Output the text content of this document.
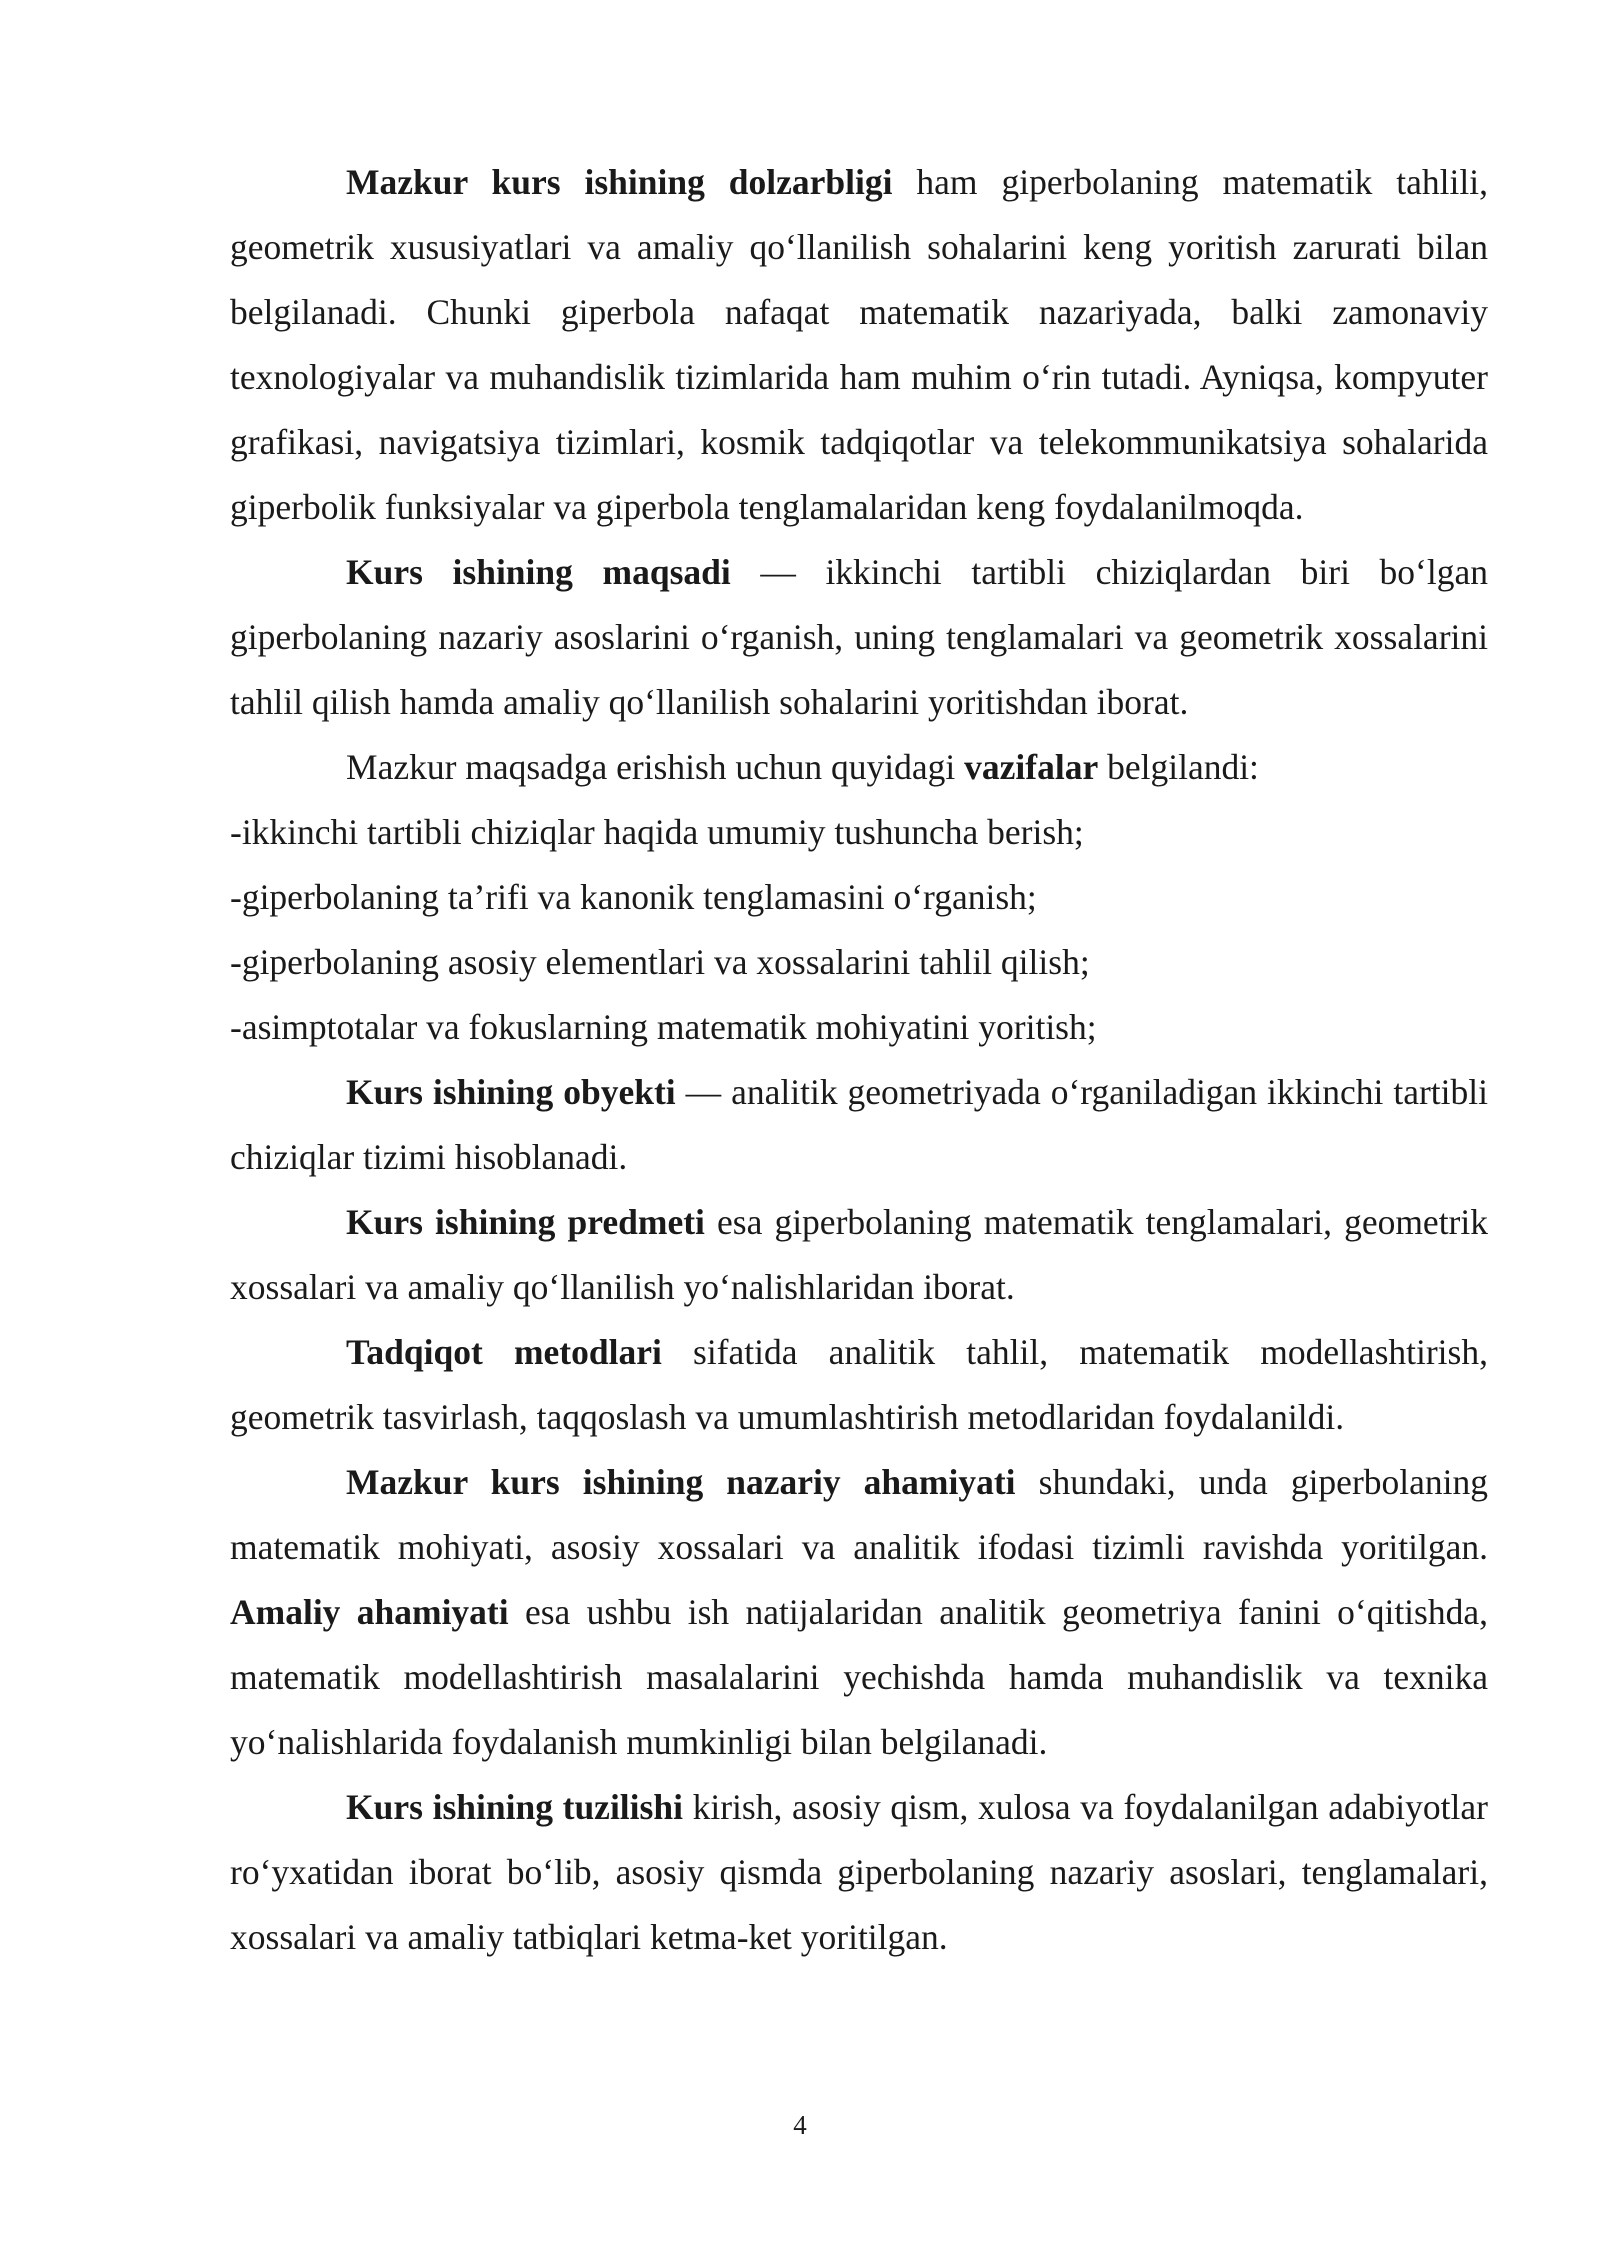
Mazkur kurs ishining dolzarbligi ham giperbolaning matematik tahlili, geometrik xususiyatlari va amaliy qo‘llanilish sohalarini keng yoritish zarurati bilan belgilanadi. Chunki giperbola nafaqat matematik nazariyada, balki zamonaviy texnologiyalar va muhandislik tizimlarida ham muhim o‘rin tutadi. Ayniqsa, kompyuter grafikasi, navigatsiya tizimlari, kosmik tadqiqotlar va telekommunikatsiya sohalarida giperbolik funksiyalar va giperbola tenglamalaridan keng foydalanilmoqda.

Kurs ishining maqsadi — ikkinchi tartibli chiziqlardan biri bo‘lgan giperbolaning nazariy asoslarini o‘rganish, uning tenglamalari va geometrik xossalarini tahlil qilish hamda amaliy qo‘llanilish sohalarini yoritishdan iborat.

Mazkur maqsadga erishish uchun quyidagi vazifalar belgilandi:

-ikkinchi tartibli chiziqlar haqida umumiy tushuncha berish;

-giperbolaning ta’rifi va kanonik tenglamasini o‘rganish;

-giperbolaning asosiy elementlari va xossalarini tahlil qilish;

-asimptotalar va fokuslarning matematik mohiyatini yoritish;

Kurs ishining obyekti — analitik geometriyada o‘rganiladigan ikkinchi tartibli chiziqlar tizimi hisoblanadi.

Kurs ishining predmeti esa giperbolaning matematik tenglamalari, geometrik xossalari va amaliy qo‘llanilish yo‘nalishlaridan iborat.

Tadqiqot metodlari sifatida analitik tahlil, matematik modellashtirish, geometrik tasvirlash, taqqoslash va umumlashtirish metodlaridan foydalanildi.

Mazkur kurs ishining nazariy ahamiyati shundaki, unda giperbolaning matematik mohiyati, asosiy xossalari va analitik ifodasi tizimli ravishda yoritilgan. Amaliy ahamiyati esa ushbu ish natijalaridan analitik geometriya fanini o‘qitishda, matematik modellashtirish masalalarini yechishda hamda muhandislik va texnika yo‘nalishlarida foydalanish mumkinligi bilan belgilanadi.

Kurs ishining tuzilishi kirish, asosiy qism, xulosa va foydalanilgan adabiyotlar ro‘yxatidan iborat bo‘lib, asosiy qismda giperbolaning nazariy asoslari, tenglamalari, xossalari va amaliy tatbiqlari ketma-ket yoritilgan.

4
